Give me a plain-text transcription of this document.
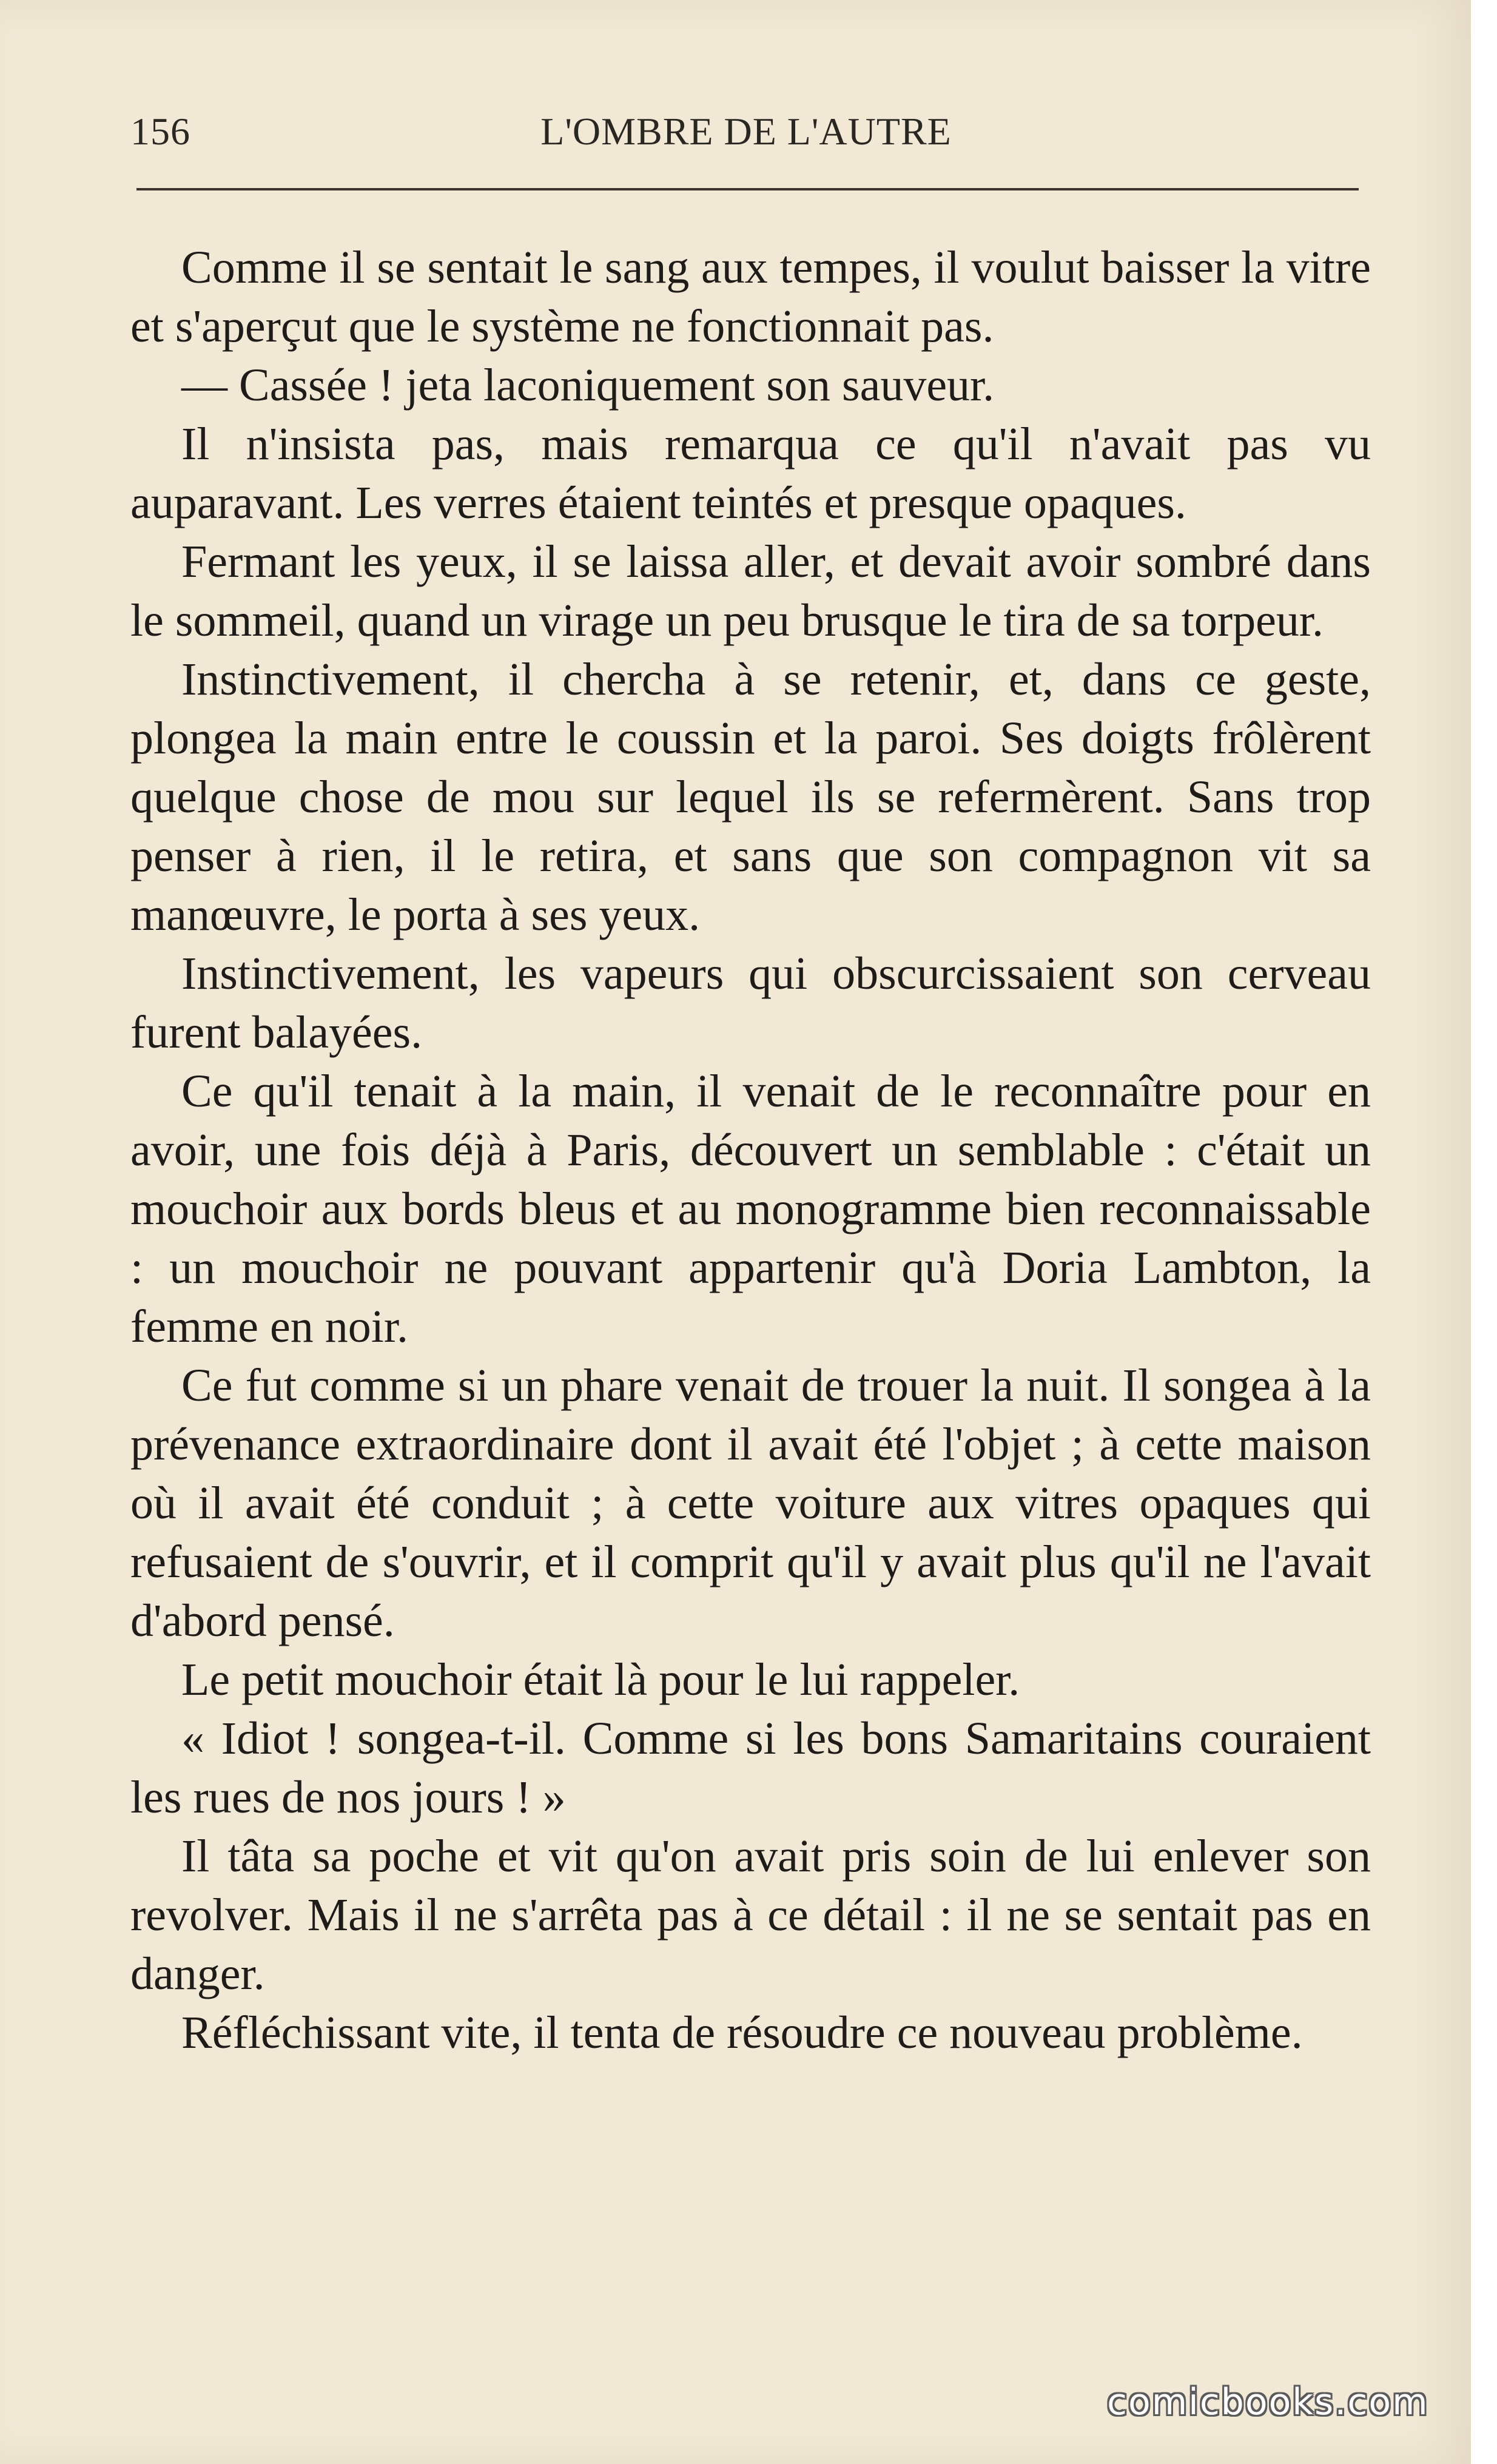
156	L'OMBRE DE L'AUTRE

Comme il se sentait le sang aux tempes, il voulut baisser la vitre et s'aperçut que le système ne fonctionnait pas.

— Cassée ! jeta laconiquement son sauveur.

Il n'insista pas, mais remarqua ce qu'il n'avait pas vu auparavant. Les verres étaient teintés et presque opaques.

Fermant les yeux, il se laissa aller, et devait avoir sombré dans le sommeil, quand un virage un peu brusque le tira de sa torpeur.

Instinctivement, il chercha à se retenir, et, dans ce geste, plongea la main entre le coussin et la paroi. Ses doigts frôlèrent quelque chose de mou sur lequel ils se refermèrent. Sans trop penser à rien, il le retira, et sans que son compagnon vit sa manœuvre, le porta à ses yeux.

Instinctivement, les vapeurs qui obscurcissaient son cerveau furent balayées.

Ce qu'il tenait à la main, il venait de le reconnaître pour en avoir, une fois déjà à Paris, découvert un semblable : c'était un mouchoir aux bords bleus et au monogramme bien reconnaissable : un mouchoir ne pouvant appartenir qu'à Doria Lambton, la femme en noir.

Ce fut comme si un phare venait de trouer la nuit. Il songea à la prévenance extraordinaire dont il avait été l'objet ; à cette maison où il avait été conduit ; à cette voiture aux vitres opaques qui refusaient de s'ouvrir, et il comprit qu'il y avait plus qu'il ne l'avait d'abord pensé.

Le petit mouchoir était là pour le lui rappeler.

« Idiot ! songea-t-il. Comme si les bons Samaritains couraient les rues de nos jours ! »

Il tâta sa poche et vit qu'on avait pris soin de lui enlever son revolver. Mais il ne s'arrêta pas à ce détail : il ne se sentait pas en danger.

Réfléchissant vite, il tenta de résoudre ce nouveau problème.

comicbooks.com
